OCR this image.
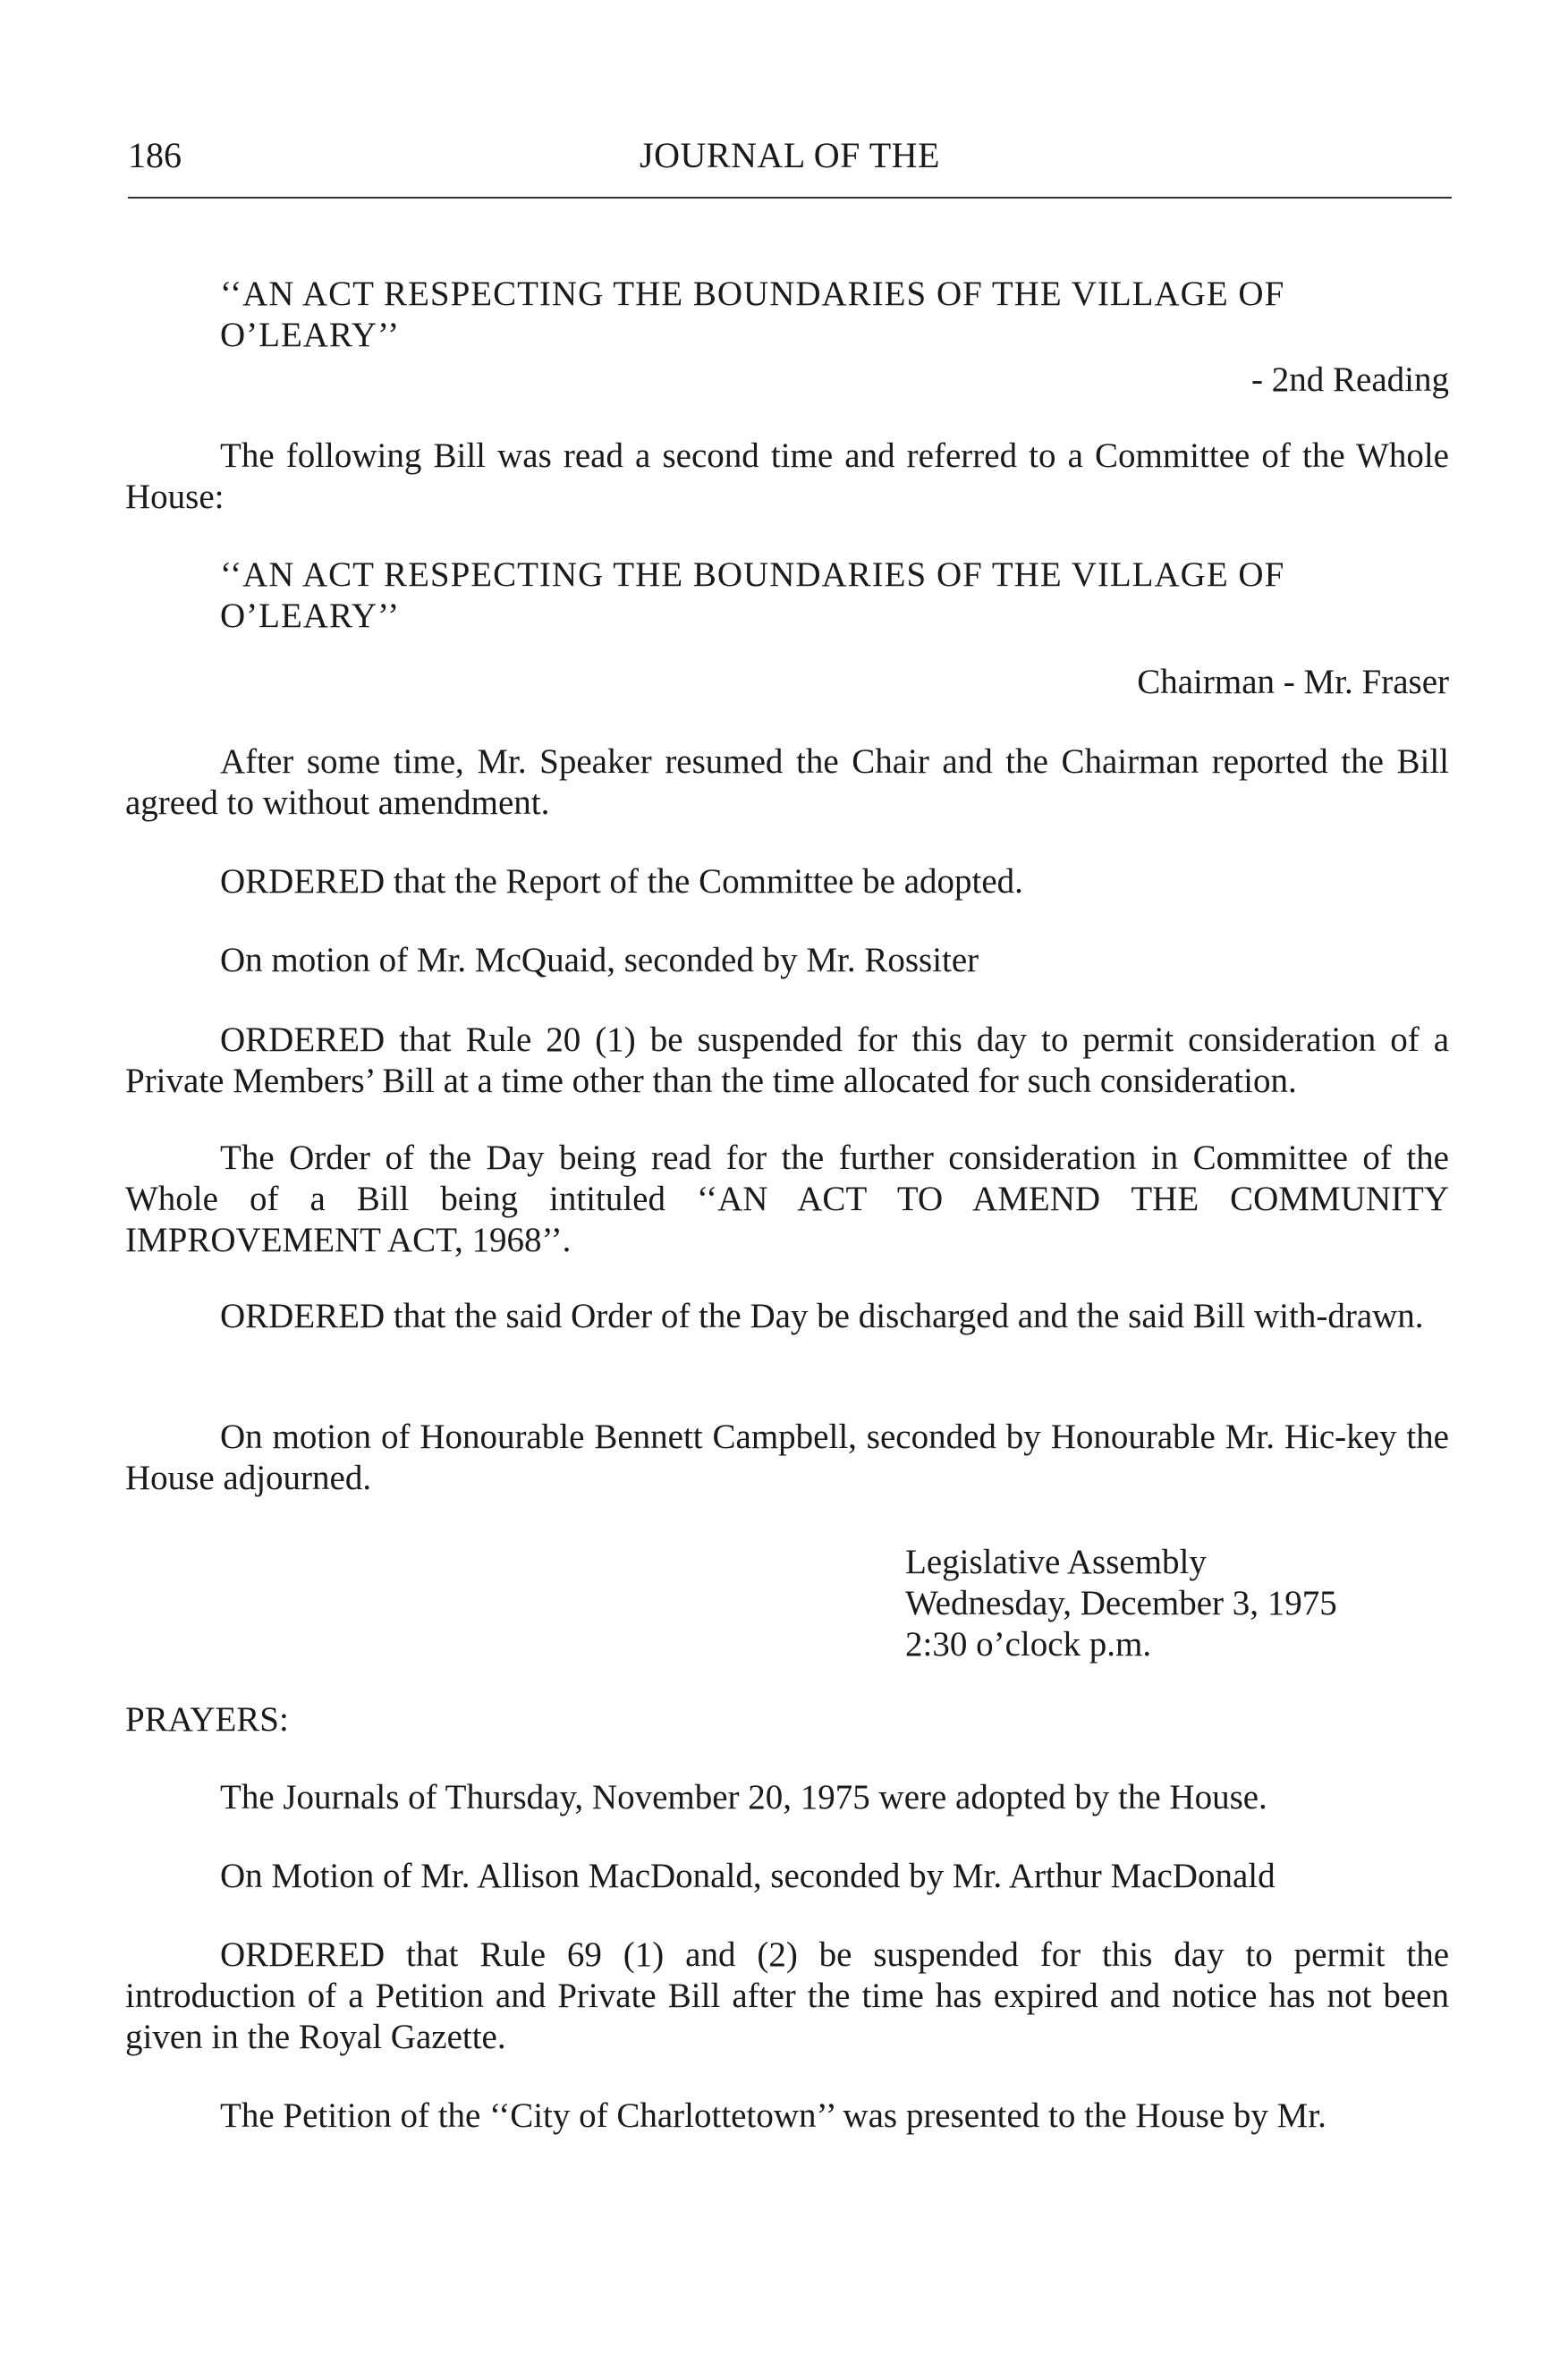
186	JOURNAL OF THE
‘‘AN ACT RESPECTING THE BOUNDARIES OF THE VILLAGE OF O’LEARY’’
- 2nd Reading
The following Bill was read a second time and referred to a Committee of the Whole House:
‘‘AN ACT RESPECTING THE BOUNDARIES OF THE VILLAGE OF O’LEARY’’
Chairman - Mr. Fraser
After some time, Mr. Speaker resumed the Chair and the Chairman reported the Bill agreed to without amendment.
ORDERED that the Report of the Committee be adopted.
On motion of Mr. McQuaid, seconded by Mr. Rossiter
ORDERED that Rule 20 (1) be suspended for this day to permit consideration of a Private Members’ Bill at a time other than the time allocated for such consideration.
The Order of the Day being read for the further consideration in Committee of the Whole of a Bill being intituled ‘‘AN ACT TO AMEND THE COMMUNITY IMPROVEMENT ACT, 1968’’.
ORDERED that the said Order of the Day be discharged and the said Bill with-drawn.
On motion of Honourable Bennett Campbell, seconded by Honourable Mr. Hic-key the House adjourned.
Legislative Assembly
Wednesday, December 3, 1975
2:30 o’clock p.m.
PRAYERS:
The Journals of Thursday, November 20, 1975 were adopted by the House.
On Motion of Mr. Allison MacDonald, seconded by Mr. Arthur MacDonald
ORDERED that Rule 69 (1) and (2) be suspended for this day to permit the introduction of a Petition and Private Bill after the time has expired and notice has not been given in the Royal Gazette.
The Petition of the ‘‘City of Charlottetown’’ was presented to the House by Mr.
